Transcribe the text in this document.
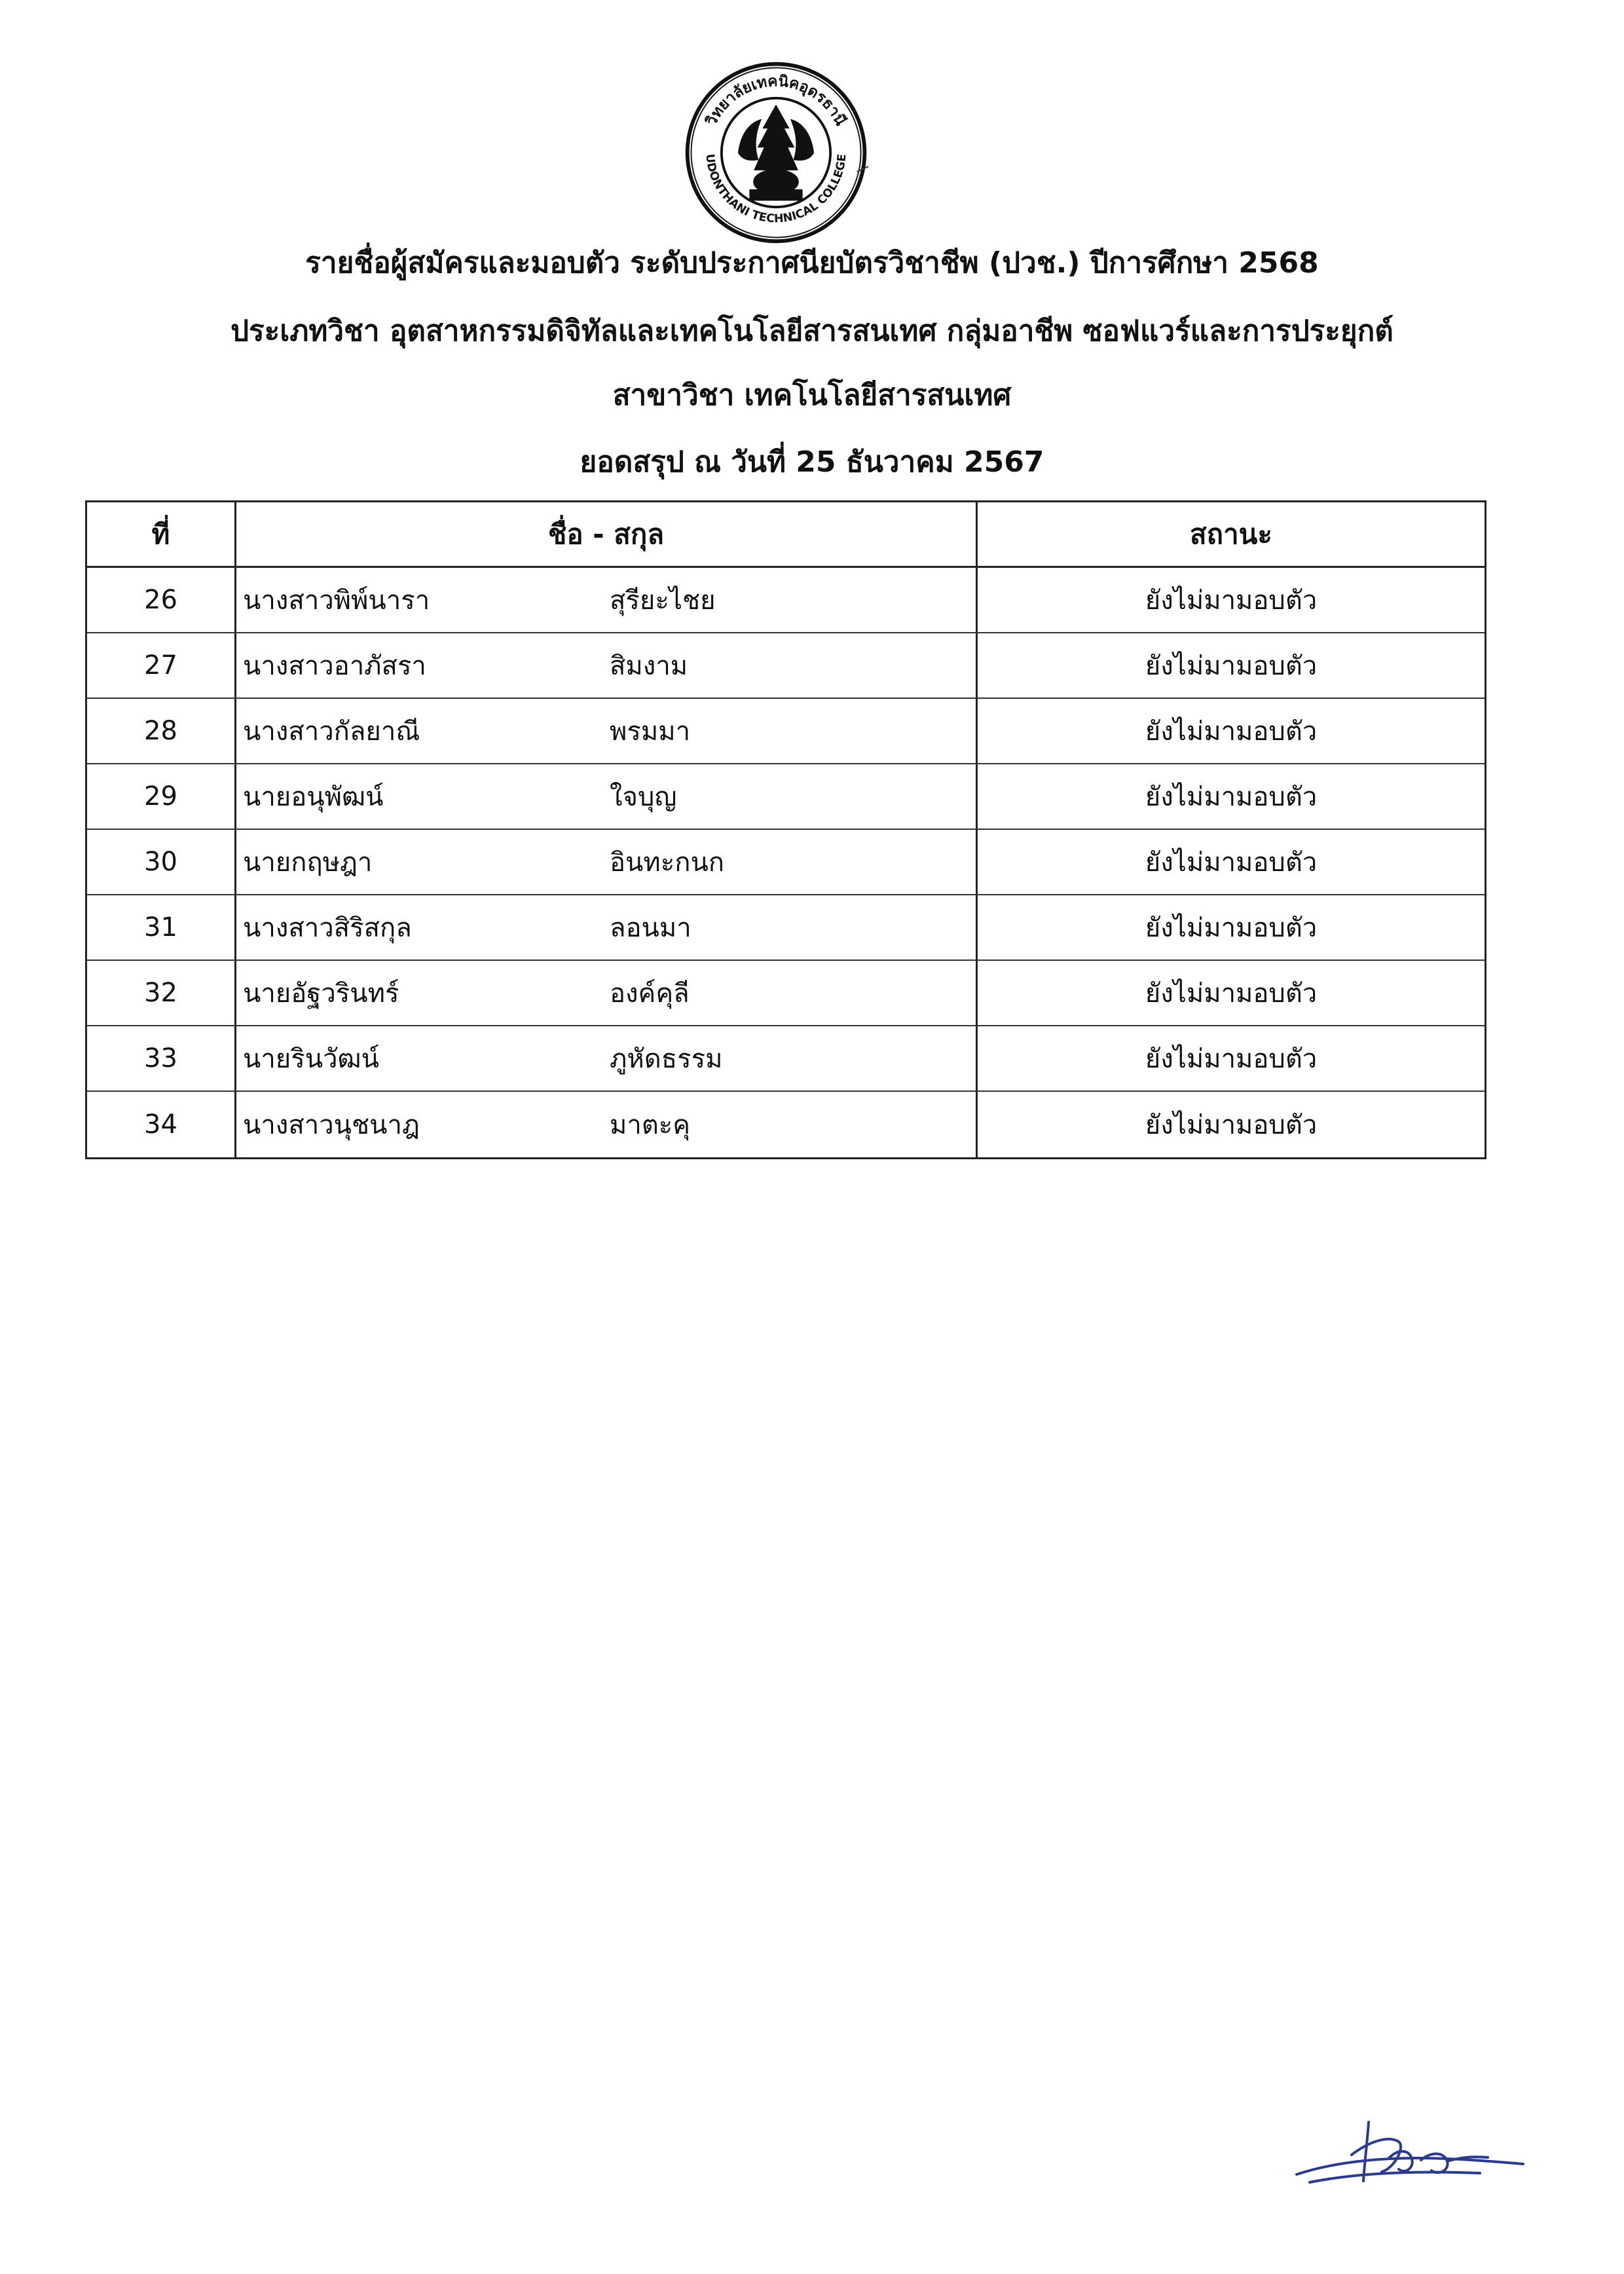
วิทยาลัยเทคนิคอุดรธานี
UDONTHANI TECHNICAL COLLEGE
รายชื่อผู้สมัครและมอบตัว ระดับประกาศนียบัตรวิชาชีพ (ปวช.) ปีการศึกษา 2568
ประเภทวิชา อุตสาหกรรมดิจิทัลและเทคโนโลยีสารสนเทศ กลุ่มอาชีพ ซอฟแวร์และการประยุกต์
สาขาวิชา เทคโนโลยีสารสนเทศ
ยอดสรุป ณ วันที่ 25 ธันวาคม 2567
ที่	ชื่อ - สกุล	สถานะ
26	นางสาวพิพ์นารา	สุรียะไชย	ยังไม่มามอบตัว
27	นางสาวอาภัสรา	สิมงาม	ยังไม่มามอบตัว
28	นางสาวกัลยาณี	พรมมา	ยังไม่มามอบตัว
29	นายอนุพัฒน์	ใจบุญ	ยังไม่มามอบตัว
30	นายกฤษฎา	อินทะกนก	ยังไม่มามอบตัว
31	นางสาวสิริสกุล	ลอนมา	ยังไม่มามอบตัว
32	นายอัฐวรินทร์	องค์คุลี	ยังไม่มามอบตัว
33	นายรินวัฒน์	ภูหัดธรรม	ยังไม่มามอบตัว
34	นางสาวนุชนาฎ	มาตะคุ	ยังไม่มามอบตัว
